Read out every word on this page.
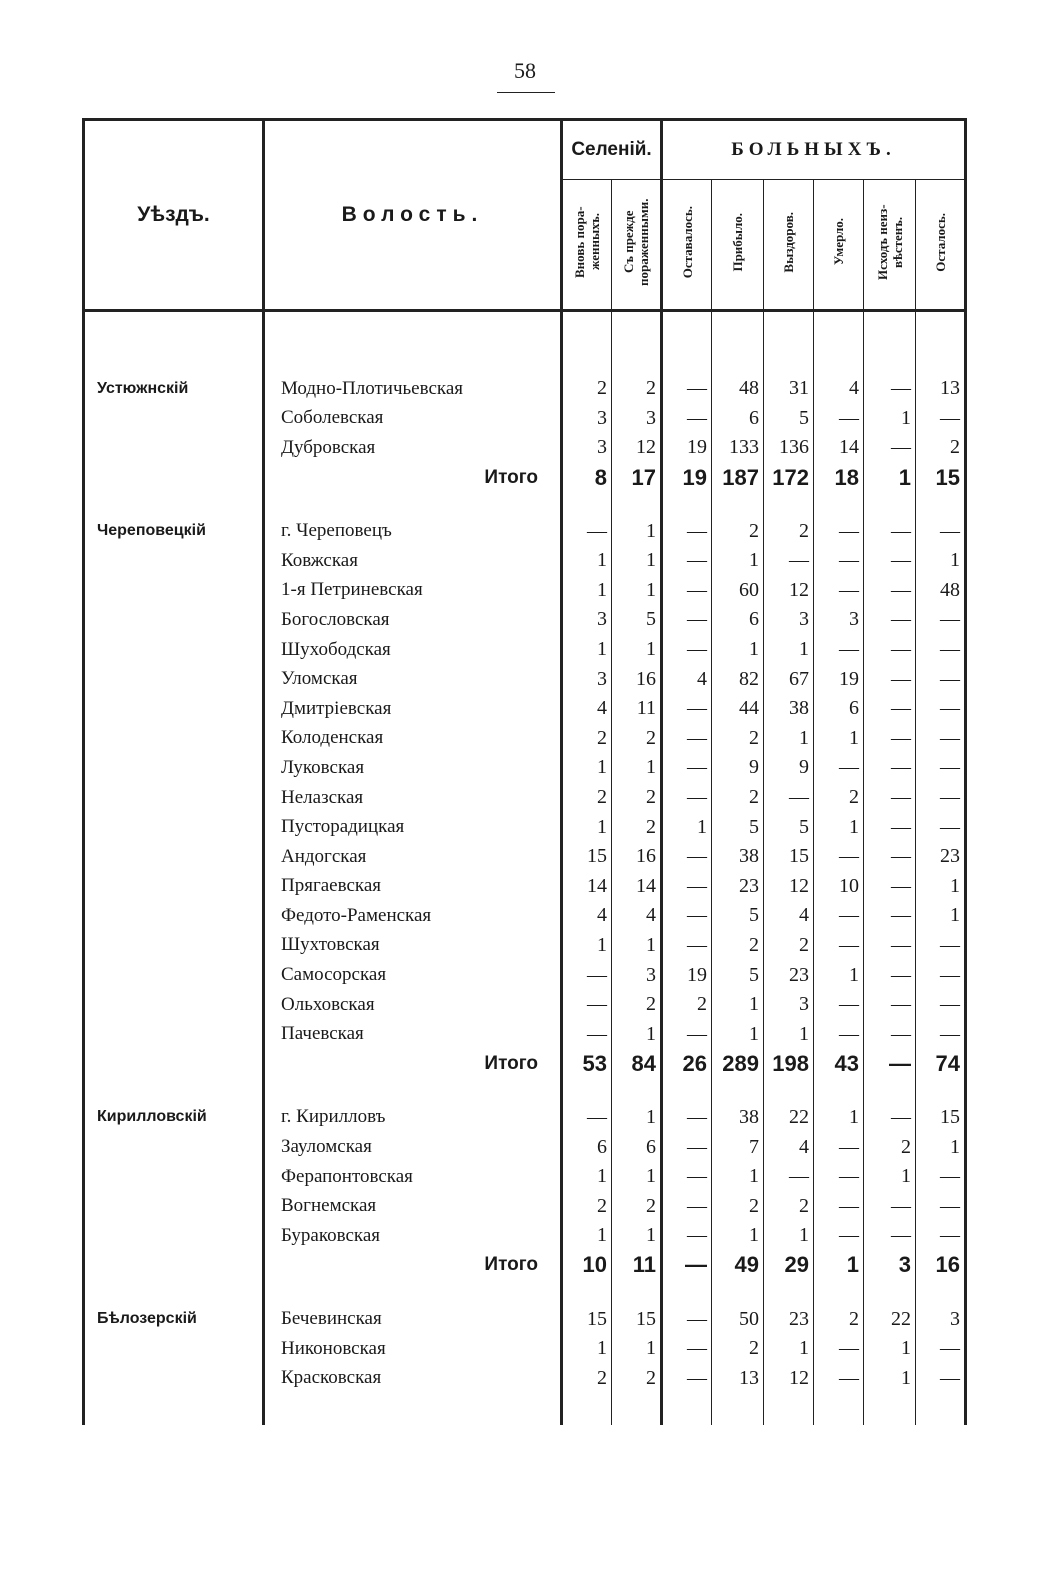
58
Уѣздъ.	Волость.	Селеній.		БОЛЬНЫХЪ.					
		Вновь пора-женныхъ.	Съ прежде пораженными.	Оставалось.	Прибыло.	Выздоров.	Умерло.	Исходъ неиз-вѣстенъ.	Осталось.

Устюжнскій	Модно-Плотичьевская	2	2	—	48	31	4	—	13
	Соболевская	3	3	—	6	5	—	1	—
	Дубровская	3	12	19	133	136	14	—	2
	Итого	8	17	19	187	172	18	1	15

Череповецкій	г. Череповецъ	—	1	—	2	2	—	—	—
	Ковжская	1	1	—	1	—	—	—	1
	1-я Петриневская	1	1	—	60	12	—	—	48
	Богословская	3	5	—	6	3	3	—	—
	Шухободская	1	1	—	1	1	—	—	—
	Уломская	3	16	4	82	67	19	—	—
	Дмитріевская	4	11	—	44	38	6	—	—
	Колоденская	2	2	—	2	1	1	—	—
	Луковская	1	1	—	9	9	—	—	—
	Нелазская	2	2	—	2	—	2	—	—
	Пусторадицкая	1	2	1	5	5	1	—	—
	Андогская	15	16	—	38	15	—	—	23
	Прягаевская	14	14	—	23	12	10	—	1
	Федото-Раменская	4	4	—	5	4	—	—	1
	Шухтовская	1	1	—	2	2	—	—	—
	Самосорская	—	3	19	5	23	1	—	—
	Ольховская	—	2	2	1	3	—	—	—
	Пачевская	—	1	—	1	1	—	—	—
	Итого	53	84	26	289	198	43	—	74

Кирилловскій	г. Кирилловъ	—	1	—	38	22	1	—	15
	Зауломская	6	6	—	7	4	—	2	1
	Ферапонтовская	1	1	—	1	—	—	1	—
	Вогнемская	2	2	—	2	2	—	—	—
	Бураковская	1	1	—	1	1	—	—	—
	Итого	10	11	—	49	29	1	3	16

Бѣлозерскій	Бечевинская	15	15	—	50	23	2	22	3
	Никоновская	1	1	—	2	1	—	1	—
	Красковская	2	2	—	13	12	—	1	—
